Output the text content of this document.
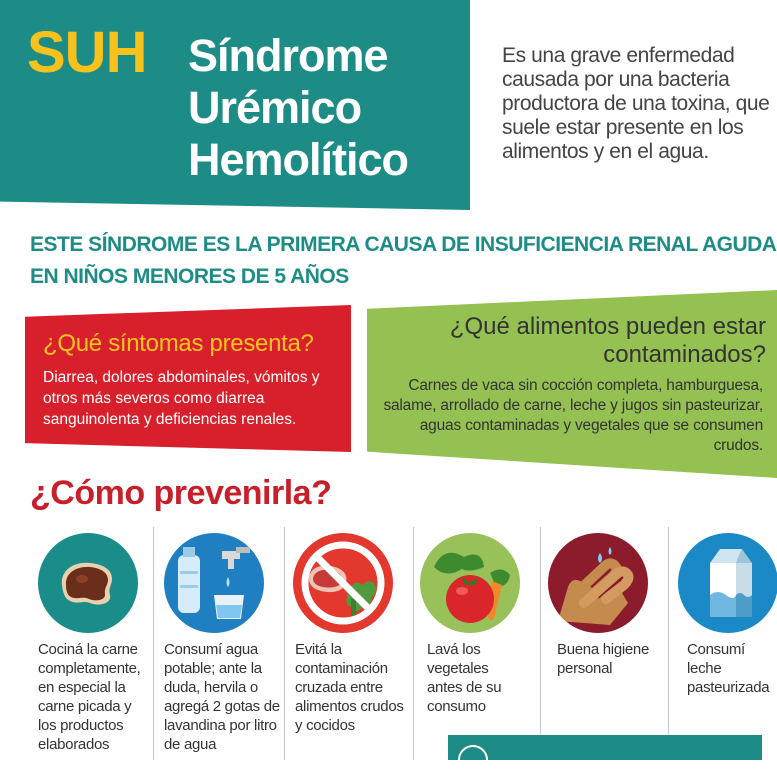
SUH Síndrome
Urémico
Hemolítico
Es una grave enfermedad causada por una bacteria productora de una toxina, que suele estar presente en los alimentos y en el agua.
ESTE SÍNDROME ES LA PRIMERA CAUSA DE INSUFICIENCIA RENAL AGUDA
EN NIÑOS MENORES DE 5 AÑOS
¿Qué síntomas presenta?
Diarrea, dolores abdominales, vómitos y otros más severos como diarrea sanguinolenta y deficiencias renales.
¿Qué alimentos pueden estar contaminados?
Carnes de vaca sin cocción completa, hamburguesa, salame, arrollado de carne, leche y jugos sin pasteurizar, aguas contaminadas y vegetales que se consumen crudos.
¿Cómo prevenirla?
Cociná la carne completamente, en especial la carne picada y los productos elaborados
Consumí agua potable; ante la duda, hervila o agregá 2 gotas de lavandina por litro de agua
Evitá la contaminación cruzada entre alimentos crudos y cocidos
Lavá los vegetales antes de su consumo
Buena higiene personal
Consumí leche pasteurizada
